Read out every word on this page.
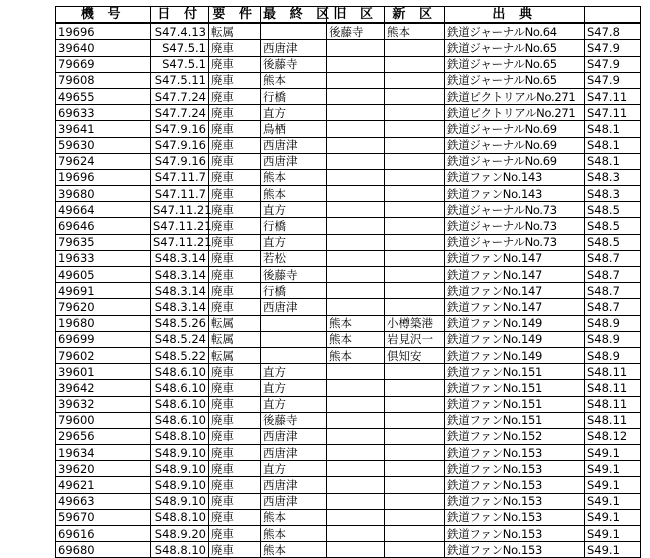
機 号	日 付	要 件	最 終 区	旧 区	新 区	出 典	
19696	S47.4.13	転属		後藤寺	熊本	鉄道ジャーナルNo.64	S47.8
39640	S47.5.1	廃車	西唐津			鉄道ジャーナルNo.65	S47.9
79669	S47.5.1	廃車	後藤寺			鉄道ジャーナルNo.65	S47.9
79608	S47.5.11	廃車	熊本			鉄道ジャーナルNo.65	S47.9
49655	S47.7.24	廃車	行橋			鉄道ピクトリアルNo.271	S47.11
69633	S47.7.24	廃車	直方			鉄道ピクトリアルNo.271	S47.11
39641	S47.9.16	廃車	鳥栖			鉄道ジャーナルNo.69	S48.1
59630	S47.9.16	廃車	西唐津			鉄道ジャーナルNo.69	S48.1
79624	S47.9.16	廃車	西唐津			鉄道ジャーナルNo.69	S48.1
19696	S47.11.7	廃車	熊本			鉄道ファンNo.143	S48.3
39680	S47.11.7	廃車	熊本			鉄道ファンNo.143	S48.3
49664	S47.11.21	廃車	直方			鉄道ジャーナルNo.73	S48.5
69646	S47.11.21	廃車	行橋			鉄道ジャーナルNo.73	S48.5
79635	S47.11.21	廃車	直方			鉄道ジャーナルNo.73	S48.5
19633	S48.3.14	廃車	若松			鉄道ファンNo.147	S48.7
49605	S48.3.14	廃車	後藤寺			鉄道ファンNo.147	S48.7
49691	S48.3.14	廃車	行橋			鉄道ファンNo.147	S48.7
79620	S48.3.14	廃車	西唐津			鉄道ファンNo.147	S48.7
19680	S48.5.26	転属		熊本	小樽築港	鉄道ファンNo.149	S48.9
69699	S48.5.24	転属		熊本	岩見沢一	鉄道ファンNo.149	S48.9
79602	S48.5.22	転属		熊本	倶知安	鉄道ファンNo.149	S48.9
39601	S48.6.10	廃車	直方			鉄道ファンNo.151	S48.11
39642	S48.6.10	廃車	直方			鉄道ファンNo.151	S48.11
39632	S48.6.10	廃車	直方			鉄道ファンNo.151	S48.11
79600	S48.6.10	廃車	後藤寺			鉄道ファンNo.151	S48.11
29656	S48.8.10	廃車	西唐津			鉄道ファンNo.152	S48.12
19634	S48.9.10	廃車	西唐津			鉄道ファンNo.153	S49.1
39620	S48.9.10	廃車	直方			鉄道ファンNo.153	S49.1
49621	S48.9.10	廃車	西唐津			鉄道ファンNo.153	S49.1
49663	S48.9.10	廃車	西唐津			鉄道ファンNo.153	S49.1
59670	S48.8.10	廃車	熊本			鉄道ファンNo.153	S49.1
69616	S48.9.20	廃車	熊本			鉄道ファンNo.153	S49.1
69680	S48.8.10	廃車	熊本			鉄道ファンNo.153	S49.1
